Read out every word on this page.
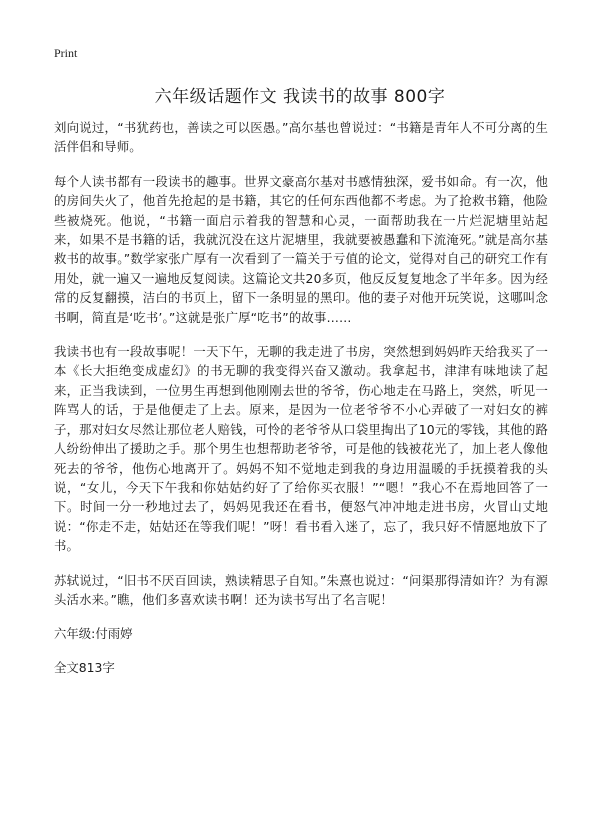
Print
六年级话题作文 我读书的故事 800字

刘向说过，“书犹药也，善读之可以医愚。”高尔基也曾说过：“书籍是青年人不可分离的生活伴侣和导师。

每个人读书都有一段读书的趣事。世界文豪高尔基对书感情独深，爱书如命。有一次，他的房间失火了，他首先抢起的是书籍，其它的任何东西他都不考虑。为了抢救书籍，他险些被烧死。他说，“书籍一面启示着我的智慧和心灵，一面帮助我在一片烂泥塘里站起来，如果不是书籍的话，我就沉没在这片泥塘里，我就要被愚蠢和下流淹死。”就是高尔基救书的故事。”数学家张广厚有一次看到了一篇关于亏值的论文，觉得对自己的研究工作有用处，就一遍又一遍地反复阅读。这篇论文共20多页，他反反复复地念了半年多。因为经常的反复翻摸，洁白的书页上，留下一条明显的黑印。他的妻子对他开玩笑说，这哪叫念书啊，简直是‘吃书’。”这就是张广厚“吃书”的故事……

我读书也有一段故事呢！一天下午，无聊的我走进了书房，突然想到妈妈昨天给我买了一本《长大拒绝变成虚幻》的书无聊的我变得兴奋又激动。我拿起书，津津有味地读了起来，正当我读到，一位男生再想到他刚刚去世的爷爷，伤心地走在马路上，突然，听见一阵骂人的话，于是他便走了上去。原来，是因为一位老爷爷不小心弄破了一对妇女的裤子，那对妇女尽然让那位老人赔钱，可怜的老爷爷从口袋里掏出了10元的零钱，其他的路人纷纷伸出了援助之手。那个男生也想帮助老爷爷，可是他的钱被花光了，加上老人像他死去的爷爷，他伤心地离开了。妈妈不知不觉地走到我的身边用温暖的手抚摸着我的头说，“女儿，今天下午我和你姑姑约好了了给你买衣服！”“嗯！”我心不在焉地回答了一下。时间一分一秒地过去了，妈妈见我还在看书，便怒气冲冲地走进书房，火冒山丈地说：“你走不走，姑姑还在等我们呢！”呀！看书看入迷了，忘了，我只好不情愿地放下了书。

苏轼说过，“旧书不厌百回读，熟读精思子自知。”朱熹也说过：“问渠那得清如许？为有源头活水来。”瞧，他们多喜欢读书啊！还为读书写出了名言呢！

六年级:付雨婷

全文813字
